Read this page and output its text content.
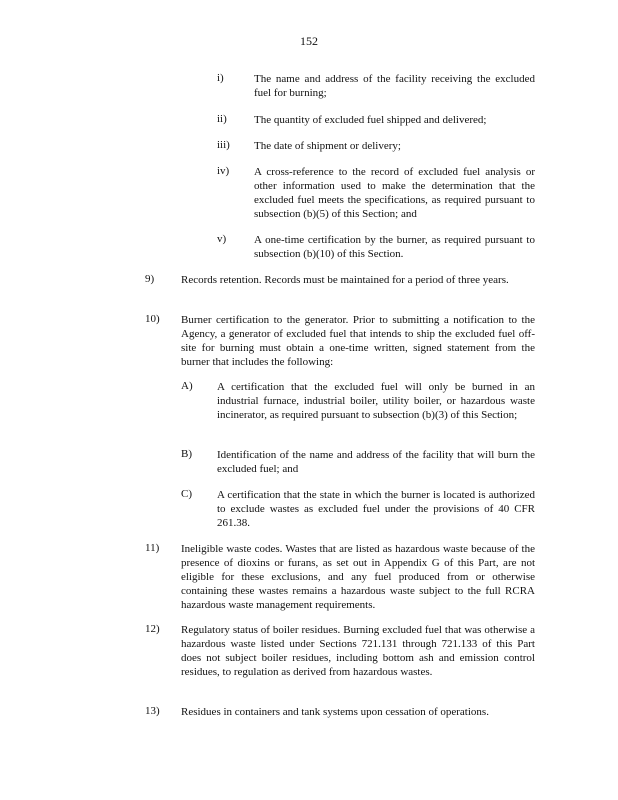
152
i)	The name and address of the facility receiving the excluded fuel for burning;
ii) The quantity of excluded fuel shipped and delivered;
iii) The date of shipment or delivery;
iv) A cross-reference to the record of excluded fuel analysis or other information used to make the determination that the excluded fuel meets the specifications, as required pursuant to subsection (b)(5) of this Section; and
v)	A one-time certification by the burner, as required pursuant to subsection (b)(10) of this Section.
9) Records retention. Records must be maintained for a period of three years.
10) Burner certification to the generator. Prior to submitting a notification to the Agency, a generator of excluded fuel that intends to ship the excluded fuel off-site for burning must obtain a one-time written, signed statement from the burner that includes the following:
A) A certification that the excluded fuel will only be burned in an industrial furnace, industrial boiler, utility boiler, or hazardous waste incinerator, as required pursuant to subsection (b)(3) of this Section;
B) Identification of the name and address of the facility that will burn the excluded fuel; and
C) A certification that the state in which the burner is located is authorized to exclude wastes as excluded fuel under the provisions of 40 CFR 261.38.
11) Ineligible waste codes. Wastes that are listed as hazardous waste because of the presence of dioxins or furans, as set out in Appendix G of this Part, are not eligible for these exclusions, and any fuel produced from or otherwise containing these wastes remains a hazardous waste subject to the full RCRA hazardous waste management requirements.
12) Regulatory status of boiler residues. Burning excluded fuel that was otherwise a hazardous waste listed under Sections 721.131 through 721.133 of this Part does not subject boiler residues, including bottom ash and emission control residues, to regulation as derived from hazardous wastes.
13) Residues in containers and tank systems upon cessation of operations.
